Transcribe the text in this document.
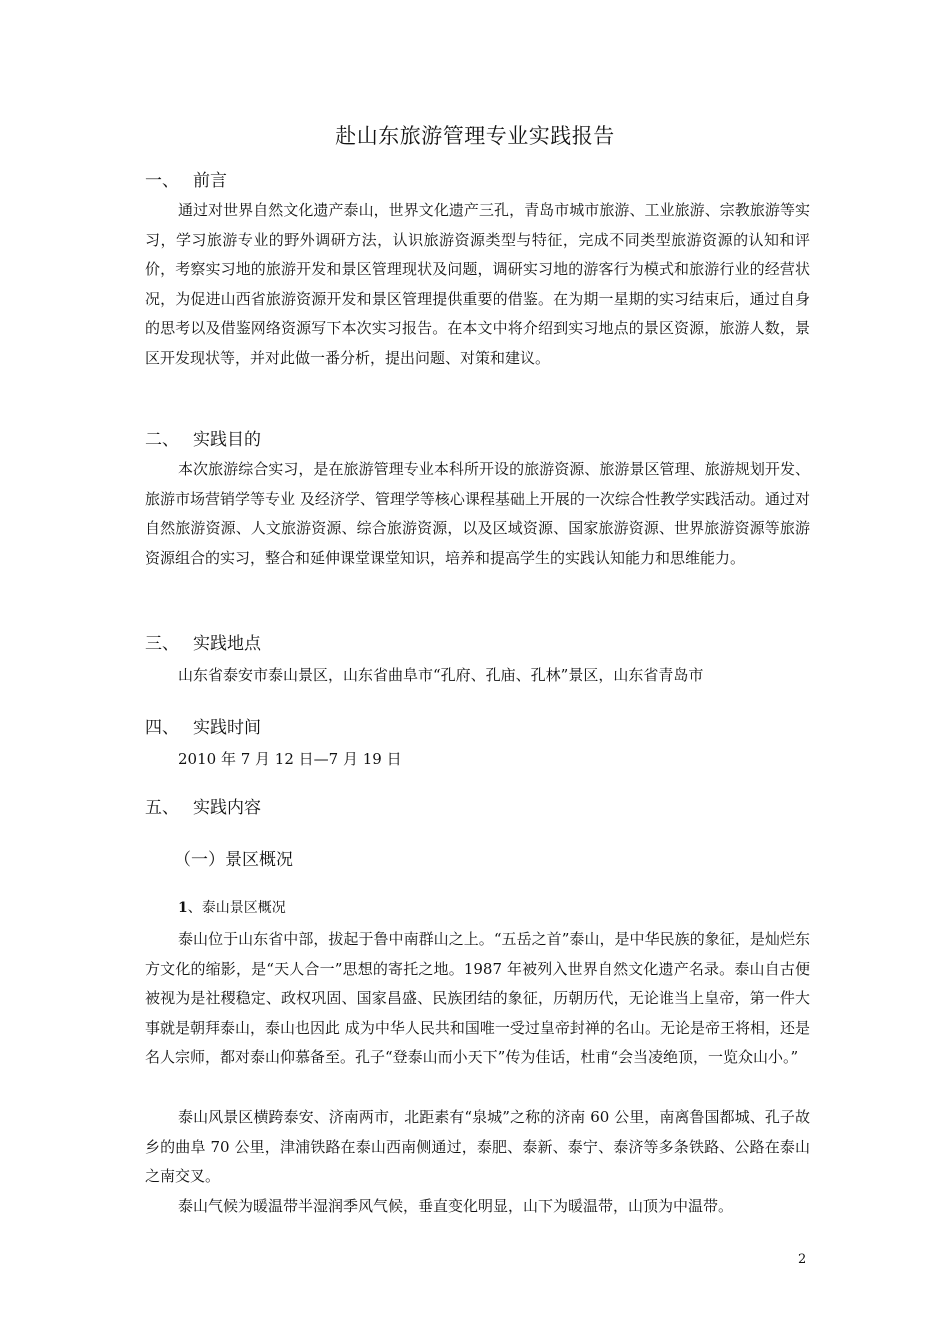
赴山东旅游管理专业实践报告
一、 前言

通过对世界自然文化遗产泰山，世界文化遗产三孔，青岛市城市旅游、工业旅游、宗教旅游等实习，学习旅游专业的野外调研方法，认识旅游资源类型与特征，完成不同类型旅游资源的认知和评价，考察实习地的旅游开发和景区管理现状及问题，调研实习地的游客行为模式和旅游行业的经营状况，为促进山西省旅游资源开发和景区管理提供重要的借鉴。在为期一星期的实习结束后，通过自身的思考以及借鉴网络资源写下本次实习报告。在本文中将介绍到实习地点的景区资源，旅游人数，景区开发现状等，并对此做一番分析，提出问题、对策和建议。

二、 实践目的

本次旅游综合实习，是在旅游管理专业本科所开设的旅游资源、旅游景区管理、旅游规划开发、旅游市场营销学等专业 及经济学、管理学等核心课程基础上开展的一次综合性教学实践活动。通过对自然旅游资源、人文旅游资源、综合旅游资源，以及区域资源、国家旅游资源、世界旅游资源等旅游资源组合的实习，整合和延伸课堂课堂知识，培养和提高学生的实践认知能力和思维能力。

三、 实践地点
山东省泰安市泰山景区，山东省曲阜市“孔府、孔庙、孔林”景区，山东省青岛市
四、 实践时间
2010 年 7 月 12 日—7 月 19 日
五、 实践内容
（一）景区概况
1、泰山景区概况

泰山位于山东省中部，拔起于鲁中南群山之上。“五岳之首”泰山，是中华民族的象征，是灿烂东方文化的缩影，是“天人合一”思想的寄托之地。1987 年被列入世界自然文化遗产名录。泰山自古便被视为是社稷稳定、政权巩固、国家昌盛、民族团结的象征，历朝历代，无论谁当上皇帝，第一件大事就是朝拜泰山，泰山也因此 成为中华人民共和国唯一受过皇帝封禅的名山。无论是帝王将相，还是名人宗师，都对泰山仰慕备至。孔子“登泰山而小天下”传为佳话，杜甫“会当凌绝顶，一览众山小。”

泰山风景区横跨泰安、济南两市，北距素有“泉城”之称的济南 60 公里，南离鲁国都城、孔子故乡的曲阜 70 公里，津浦铁路在泰山西南侧通过，泰肥、泰新、泰宁、泰济等多条铁路、公路在泰山之南交叉。

泰山气候为暖温带半湿润季风气候，垂直变化明显，山下为暖温带，山顶为中温带。

2
